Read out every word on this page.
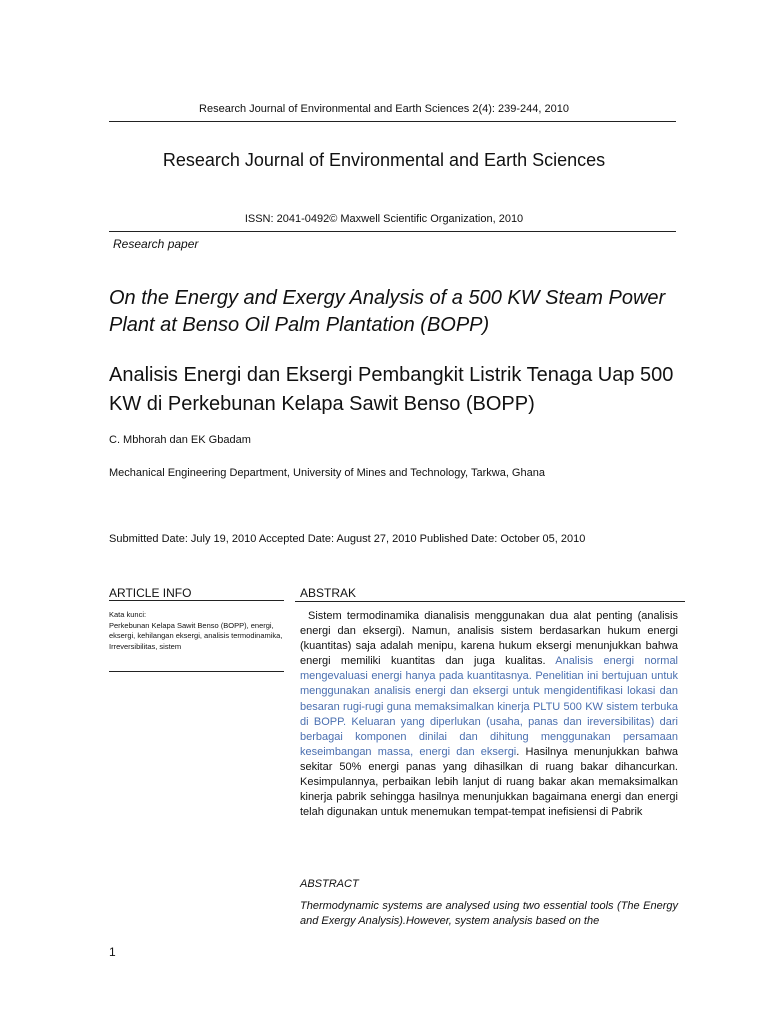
Research Journal of Environmental and Earth Sciences 2(4): 239-244, 2010
Research Journal of Environmental and Earth Sciences
ISSN: 2041-0492© Maxwell Scientific Organization, 2010
Research paper
On the Energy and Exergy Analysis of a 500 KW Steam Power Plant at Benso Oil Palm Plantation (BOPP)
Analisis Energi dan Eksergi Pembangkit Listrik Tenaga Uap 500 KW di Perkebunan Kelapa Sawit Benso (BOPP)
C. Mbhorah dan EK Gbadam
Mechanical Engineering Department, University of Mines and Technology, Tarkwa, Ghana
Submitted Date: July 19, 2010 Accepted Date: August 27, 2010 Published Date: October 05, 2010
ARTICLE INFO	ABSTRAK
Kata kunci:
Perkebunan Kelapa Sawit Benso (BOPP), energi, eksergi, kehilangan eksergi, analisis termodinamika, Irreversibilitas, sistem
Sistem termodinamika dianalisis menggunakan dua alat penting (analisis energi dan eksergi). Namun, analisis sistem berdasarkan hukum energi (kuantitas) saja adalah menipu, karena hukum eksergi menunjukkan bahwa energi memiliki kuantitas dan juga kualitas. Analisis energi normal mengevaluasi energi hanya pada kuantitasnya. Penelitian ini bertujuan untuk menggunakan analisis energi dan eksergi untuk mengidentifikasi lokasi dan besaran rugi-rugi guna memaksimalkan kinerja PLTU 500 KW sistem terbuka di BOPP. Keluaran yang diperlukan (usaha, panas dan ireversibilitas) dari berbagai komponen dinilai dan dihitung menggunakan persamaan keseimbangan massa, energi dan eksergi. Hasilnya menunjukkan bahwa sekitar 50% energi panas yang dihasilkan di ruang bakar dihancurkan. Kesimpulannya, perbaikan lebih lanjut di ruang bakar akan memaksimalkan kinerja pabrik sehingga hasilnya menunjukkan bagaimana energi dan energi telah digunakan untuk menemukan tempat-tempat inefisiensi di Pabrik
ABSTRACT
Thermodynamic systems are analysed using two essential tools (The Energy and Exergy Analysis).However, system analysis based on the
1
